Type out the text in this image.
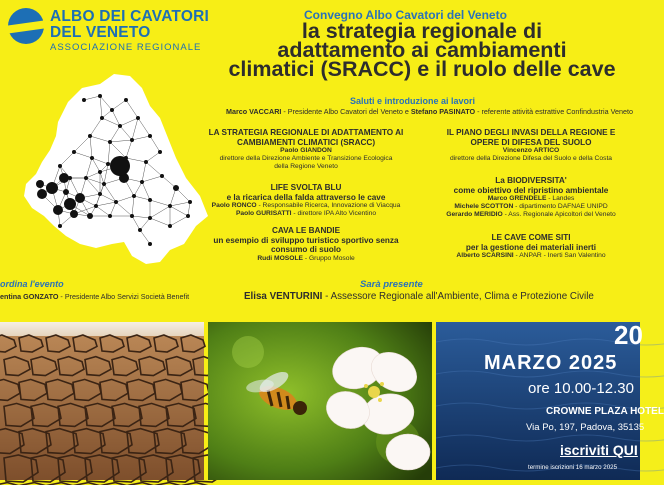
ALBO DEI CAVATORI
DEL VENETO
ASSOCIAZIONE REGIONALE
Convegno Albo Cavatori del Veneto
la strategia regionale di
adattamento ai cambiamenti
climatici (SRACC) e il ruolo delle cave
Saluti e introduzione ai lavori
Marco VACCARI - Presidente Albo Cavatori del Veneto e Stefano PASINATO - referente attività estrattive Confindustria Veneto
LA STRATEGIA REGIONALE DI ADATTAMENTO AI
CAMBIAMENTI CLIMATICI (SRACC)
Paolo GIANDON
direttore della Direzione Ambiente e Transizione Ecologica
della Regione Veneto
IL PIANO DEGLI INVASI DELLA REGIONE E
OPERE DI DIFESA DEL SUOLO
Vincenzo ARTICO
direttore della Direzione Difesa del Suolo e della Costa
LIFE SVOLTA BLU
e la ricarica della falda attraverso le cave
Paolo RONCO - Responsabile Ricerca, Innovazione di Viacqua
Paolo GURISATTI - direttore IPA Alto Vicentino
La BIODIVERSITA'
come obiettivo del ripristino ambientale
Marco GRENDELE - Landes
Michele SCOTTON - dipartimento DAFNAE UNIPD
Gerardo MERIDIO - Ass. Regionale Apicoltori del Veneto
CAVA LE BANDIE
un esempio di sviluppo turistico sportivo senza
consumo di suolo
Rudi MOSOLE - Gruppo Mosole
LE CAVE COME SITI
per la gestione dei materiali inerti
Alberto SCARSINI - ANPAR - Inerti San Valentino
ordina l'evento
entina GONZATO - Presidente Albo Servizi Società Benefit
Sarà presente
Elisa VENTURINI - Assessore Regionale all'Ambiente, Clima e Protezione Civile
20
MARZO 2025
ore 10.00-12.30
CROWNE PLAZA HOTEL
Via Po, 197, Padova, 35135
iscriviti QUI
termine iscrizioni 16 marzo 2025
